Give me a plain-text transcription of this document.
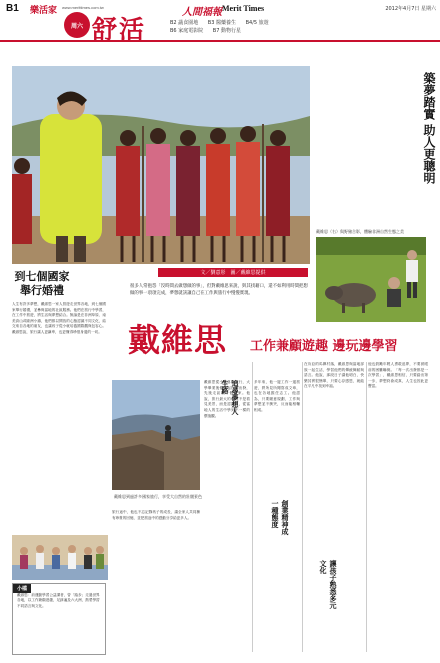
B1 樂活家 www.merittimes.com.tw
周六 舒活
人間福報 Merit Times	2012年4月7日 星期六
B2 蔬食園地 B3 醫藥養生 B4/5 旅遊 B6 家庭電影院 B7 動物行星
築夢踏實 助人更聰明
戴維思（右）與野豬合影，體驗非洲自然生態之美
到七個國家舉行婚禮
人生有許多夢想，戴維思一家人曾遊走世界各地，到七個國家舉行婚禮，並參與當地的社區服務。他們在旅行中學習，在工作中旅遊，將生活與夢想結合。無論是在非洲草原、南美高山或歐洲小鎮，他們都以開放的心態認識不同文化，結交來自各地的朋友，也讓孩子從小就培養國際觀與包容心。戴維思說，旅行讓人更謙卑，也更懂得珍惜身邊的一切。
小檔
戴維思：前運動學習公益講者，曾「踏步」走過世界各地，以工作兼顧遊趣，足跡遍及六大洲，熱愛學習不同語言與文化。
文／劉意彤　圖／戴維思提供
很多人常抱怨「沒時間去做想做的事」，但對戴維思來說，與其找藉口，還不如利用時間把想做的事一項項完成，夢想就該讓自己在工作與旅行中慢慢實現。
戴維思 工作兼顧遊趣 邊玩邊學習
戴維思到過許多國家旅行，享受大自然的壯闊景色
旅行途中，他也不忘記錄孩子的成長，讓全家人共同擁有珍貴的回憶，並把旅途中的感動分享給更多人。
戴維思從小就喜歡旅行，大學畢業後便背起行囊出發，先後走訪數十個國家。他說，旅行最大的收穫不是看見美景，而是認識人，從當地人的生活中學到不一樣的價值觀。
多年來，他一邊工作一邊旅遊，將所見所聞寫成文章，也在各地擔任志工。他認為，只要願意規劃，工作與夢想並不衝突，反而能相輔相成。
在肯亞的馬賽村落，戴維思與當地部族一起生活，學習他們的傳統舞蹈與語言。他說，那段日子讓他明白，快樂其實很簡單，只要心存感恩，就能在平凡中找到幸福。
他也鼓勵年輕人勇敢追夢，不要被眼前的困難嚇倒。「每一次出發都是一次學習」，戴維思相信，只要踏出第一步，夢想終會成真，人生也因此更豐富。
追尋夢想人生路
創業精神成一種態度
讓孩子熟悉多元文化
